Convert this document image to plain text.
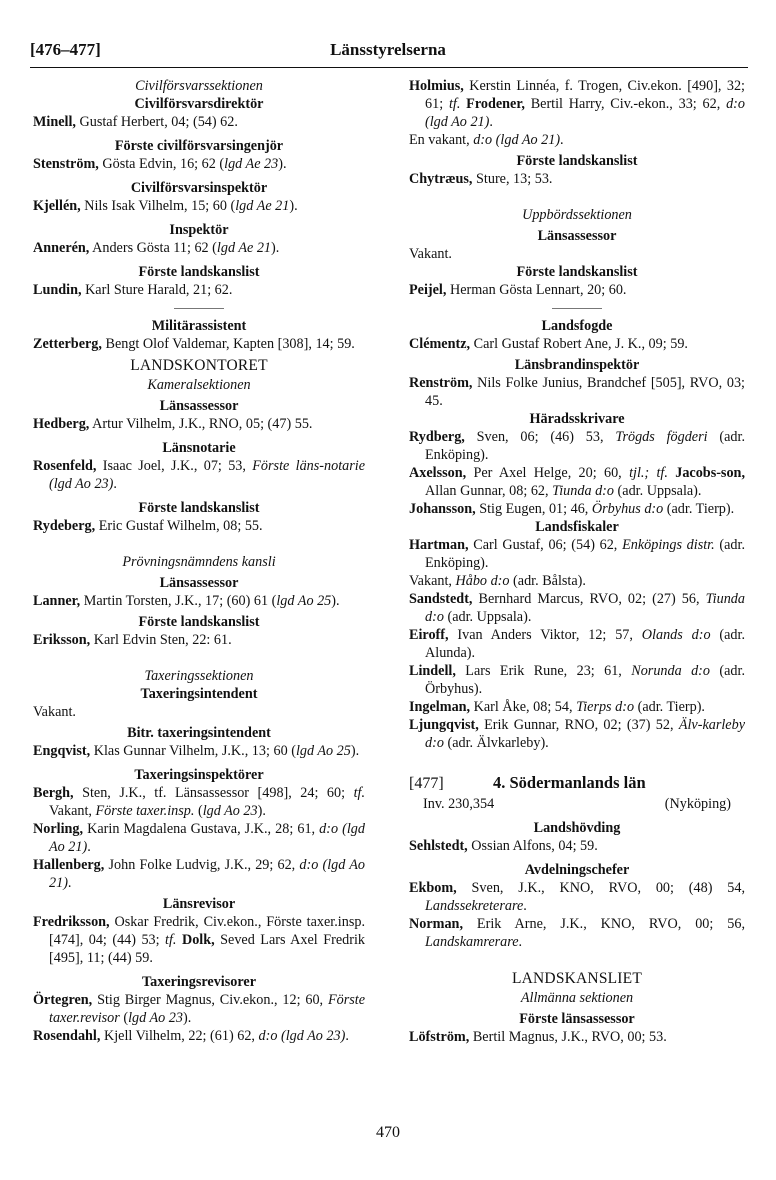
[476–477]	Länsstyrelserna
Civilförsvarssektionen
Civilförsvarsdirektör
Minell, Gustaf Herbert, 04; (54) 62.
Förste civilförsvarsingenjör
Stenström, Gösta Edvin, 16; 62 (lgd Ae 23).
Civilförsvarsinspektör
Kjellén, Nils Isak Vilhelm, 15; 60 (lgd Ae 21).
Inspektör
Annerén, Anders Gösta 11; 62 (lgd Ae 21).
Förste landskanslist
Lundin, Karl Sture Harald, 21; 62.
Militärassistent
Zetterberg, Bengt Olof Valdemar, Kapten [308], 14; 59.
LANDSKONTORET
Kameralsektionen
Länsassessor
Hedberg, Artur Vilhelm, J.K., RNO, 05; (47) 55.
Länsnotarie
Rosenfeld, Isaac Joel, J.K., 07; 53, Förste läns-notarie (lgd Ao 23).
Förste landskanslist
Rydeberg, Eric Gustaf Wilhelm, 08; 55.
Prövningsnämndens kansli
Länsassessor
Lanner, Martin Torsten, J.K., 17; (60) 61 (lgd Ao 25).
Förste landskanslist
Eriksson, Karl Edvin Sten, 22: 61.
Taxeringssektionen
Taxeringsintendent
Vakant.
Bitr. taxeringsintendent
Engqvist, Klas Gunnar Vilhelm, J.K., 13; 60 (lgd Ao 25).
Taxeringsinspektörer
Bergh, Sten, J.K., tf. Länsassessor [498], 24; 60; tf. Vakant, Förste taxer.insp. (lgd Ao 23).
Norling, Karin Magdalena Gustava, J.K., 28; 61, d:o (lgd Ao 21).
Hallenberg, John Folke Ludvig, J.K., 29; 62, d:o (lgd Ao 21).
Länsrevisor
Fredriksson, Oskar Fredrik, Civ.ekon., Förste taxer.insp. [474], 04; (44) 53; tf. Dolk, Seved Lars Axel Fredrik [495], 11; (44) 59.
Taxeringsrevisorer
Örtegren, Stig Birger Magnus, Civ.ekon., 12; 60, Förste taxer.revisor (lgd Ao 23).
Rosendahl, Kjell Vilhelm, 22; (61) 62, d:o (lgd Ao 23).
Holmius, Kerstin Linnéa, f. Trogen, Civ.ekon. [490], 32; 61; tf. Frodener, Bertil Harry, Civ.-ekon., 33; 62, d:o (lgd Ao 21).
En vakant, d:o (lgd Ao 21).
Förste landskanslist
Chytræus, Sture, 13; 53.
Uppbördssektionen
Länsassessor
Vakant.
Förste landskanslist
Peijel, Herman Gösta Lennart, 20; 60.
Landsfogde
Clémentz, Carl Gustaf Robert Ane, J. K., 09; 59.
Länsbrandinspektör
Renström, Nils Folke Junius, Brandchef [505], RVO, 03; 45.
Häradsskrivare
Rydberg, Sven, 06; (46) 53, Trögds fögderi (adr. Enköping).
Axelsson, Per Axel Helge, 20; 60, tjl.; tf. Jacobs-son, Allan Gunnar, 08; 62, Tiunda d:o (adr. Uppsala).
Johansson, Stig Eugen, 01; 46, Örbyhus d:o (adr. Tierp).
Landsfiskaler
Hartman, Carl Gustaf, 06; (54) 62, Enköpings distr. (adr. Enköping).
Vakant, Håbo d:o (adr. Bålsta).
Sandstedt, Bernhard Marcus, RVO, 02; (27) 56, Tiunda d:o (adr. Uppsala).
Eiroff, Ivan Anders Viktor, 12; 57, Olands d:o (adr. Alunda).
Lindell, Lars Erik Rune, 23; 61, Norunda d:o (adr. Örbyhus).
Ingelman, Karl Åke, 08; 54, Tierps d:o (adr. Tierp).
Ljungqvist, Erik Gunnar, RNO, 02; (37) 52, Älv-karleby d:o (adr. Älvkarleby).
[477]	4. Södermanlands län
Inv. 230,354	(Nyköping)
Landshövding
Sehlstedt, Ossian Alfons, 04; 59.
Avdelningschefer
Ekbom, Sven, J.K., KNO, RVO, 00; (48) 54, Landssekreterare.
Norman, Erik Arne, J.K., KNO, RVO, 00; 56, Landskamrerare.
LANDSKANSLIET
Allmänna sektionen
Förste länsassessor
Löfström, Bertil Magnus, J.K., RVO, 00; 53.
470
